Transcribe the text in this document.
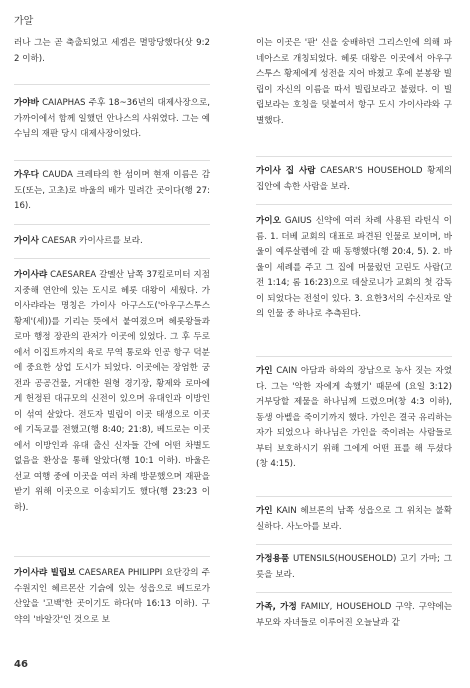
가알

러나 그는 곧 축출되었고 세겜은 멸망당했다(삿 9:22 이하).

가야바 CAIAPHAS 주후 18~36년의 대제사장으로, 가까이에서 함께 일했던 안나스의 사위였다. 그는 예수님의 재판 당시 대제사장이었다.

가우다 CAUDA 크레타의 한 섬이며 현재 이름은 감도(또는, 고초)로 바울의 배가 밀려간 곳이다(행 27:16).

가이사 CAESAR 카이사르를 보라.

가이사랴 CAESAREA 갈멜산 남쪽 37킬로미터 지점 지중해 연안에 있는 도시로 헤롯 대왕이 세웠다. 가이사랴라는 명칭은 가이사 아구스도('아우구스투스 황제'(세))를 기리는 뜻에서 붙여졌으며 헤롯왕들과 로마 행정 장관의 관저가 이곳에 있었다. 그 후 두로에서 이집트까지의 육로 무역 통로와 인공 항구 덕분에 중요한 상업 도시가 되었다. 이곳에는 장엄한 궁전과 공공건물, 거대한 원형 경기장, 황제와 로마에게 헌정된 대규모의 신전이 있으며 유대인과 이방인이 섞여 살았다. 전도자 빌립이 이곳 태생으로 이곳에 기독교를 전했고(행 8:40; 21:8), 베드로는 이곳에서 이방인과 유대 출신 신자들 간에 어떤 차별도 없음을 환상을 통해 알았다(행 10:1 이하). 바울은 선교 여행 중에 이곳을 여러 차례 방문했으며 재판을 받기 위해 이곳으로 이송되기도 했다(행 23:23 이하).

가이사랴 빌립보 CAESAREA PHILIPPI 요단강의 주 수원지인 헤르몬산 기슭에 있는 성읍으로 베드로가 산앞을 '고백'한 곳이기도 하다(마 16:13 이하). 구약의 '바알갓'인 것으로 보

이는 이곳은 '판' 신을 숭배하던 그리스인에 의해 파네아스로 개칭되었다. 헤롯 대왕은 이곳에서 아우구스투스 황제에게 성전을 지어 바쳤고 후에 분봉왕 빌립이 자신의 이름을 따서 빌립보라고 불렀다. 이 빌립보라는 호칭을 덧붙여서 항구 도시 가이사랴와 구별했다.

가이사 집 사람 CAESAR'S HOUSEHOLD 황제의 집안에 속한 사람을 보라.

가이오 GAIUS 신약에 여러 차례 사용된 라틴식 이름. 1. 더베 교회의 대표로 파견된 인물로 보이며, 바울이 예루살렘에 갈 때 동행했다(행 20:4, 5). 2. 바울이 세례를 주고 그 집에 머물렀던 고린도 사람(고전 1:14; 롬 16:23)으로 데살로니가 교회의 첫 감독이 되었다는 전설이 있다. 3. 요한3서의 수신자로 알의 인물 중 하나로 추측된다.

가인 CAIN 아담과 하와의 장남으로 농사 짓는 자였다. 그는 '악한 자에게 속했기' 때문에 (요일 3:12) 거부당할 제물을 하나님께 드렸으며(창 4:3 이하), 동생 아벨을 죽이기까지 했다. 가인은 결국 유리하는 자가 되었으나 하나님은 가인을 죽이려는 사람들로부터 보호하시기 위해 그에게 어떤 표를 해 두셨다(창 4:15).

가인 KAIN 헤브론의 남쪽 성읍으로 그 위치는 불확실하다. 사노아를 보라.

가정용품 UTENSILS(HOUSEHOLD) 고기 가마; 그릇을 보라.

가족, 가정 FAMILY, HOUSEHOLD 구약. 구약에는 부모와 자녀들로 이루어진 오늘날과 같

46
